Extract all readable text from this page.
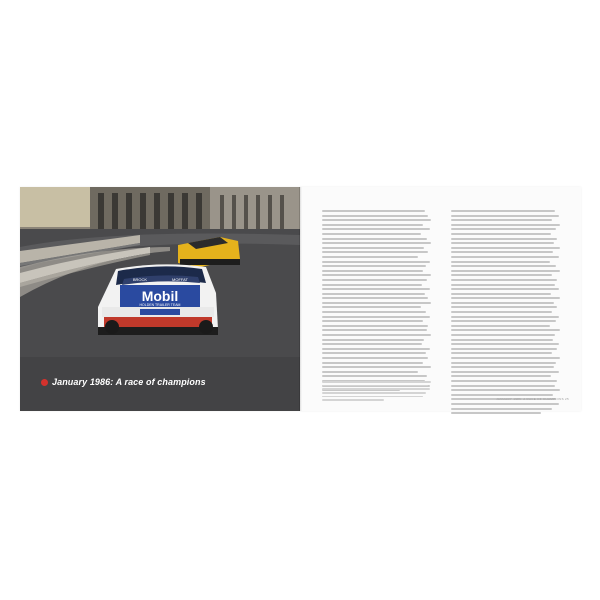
Mobil
BROCK	MOFFAT
HOLDEN TRAILER TEAM
January 1986: A race of champions
JANUARY 1986: A RACE OF CHAMPIONS 25
